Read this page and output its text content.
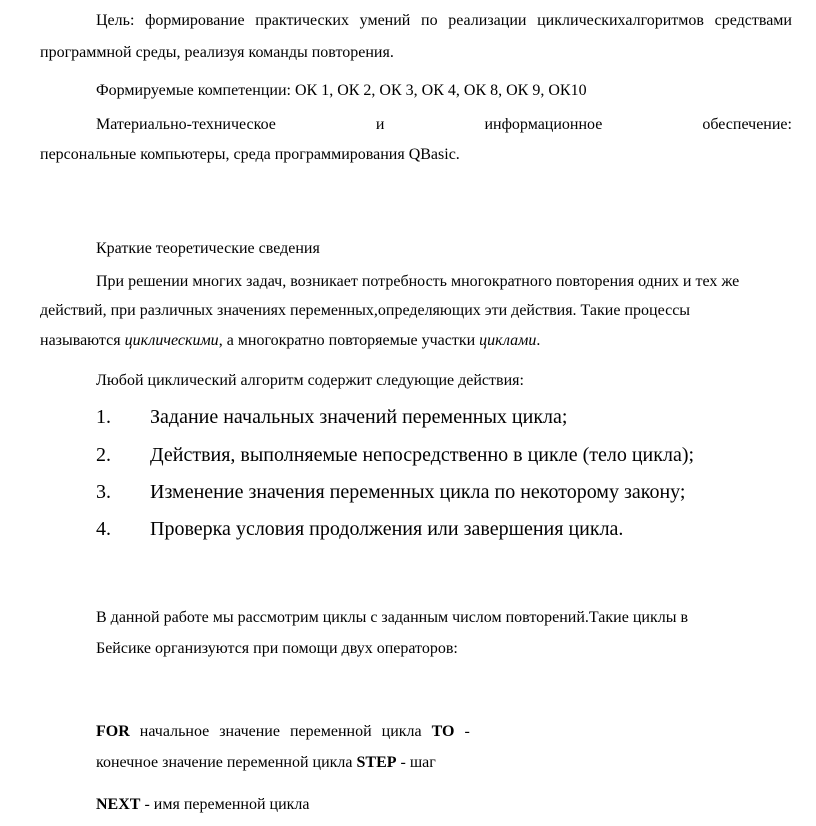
Цель: формирование практических умений по реализации циклическихалгоритмов средствами
программной среды, реализуя команды повторения.
Формируемые компетенции: ОК 1, ОК 2, ОК 3, ОК 4, ОК 8, ОК 9, ОК10
Материально-техническое	и	информационное	обеспечение:
персональные компьютеры, среда программирования QBasic.
Краткие теоретические сведения
При решении многих задач, возникает потребность многократного повторения одних и тех же
действий, при различных значениях переменных,определяющих эти действия. Такие процессы
называются циклическими, а многократно повторяемые участки циклами.
Любой циклический алгоритм содержит следующие действия:
1. Задание начальных значений переменных цикла;
2. Действия, выполняемые непосредственно в цикле (тело цикла);
3. Изменение значения переменных цикла по некоторому закону;
4. Проверка условия продолжения или завершения цикла.
В данной работе мы рассмотрим циклы с заданным числом повторений.Такие циклы в
Бейсике организуются при помощи двух операторов:
FOR начальное значение переменной цикла TO -
конечное значение переменной цикла STEP - шаг
NEXT - имя переменной цикла
